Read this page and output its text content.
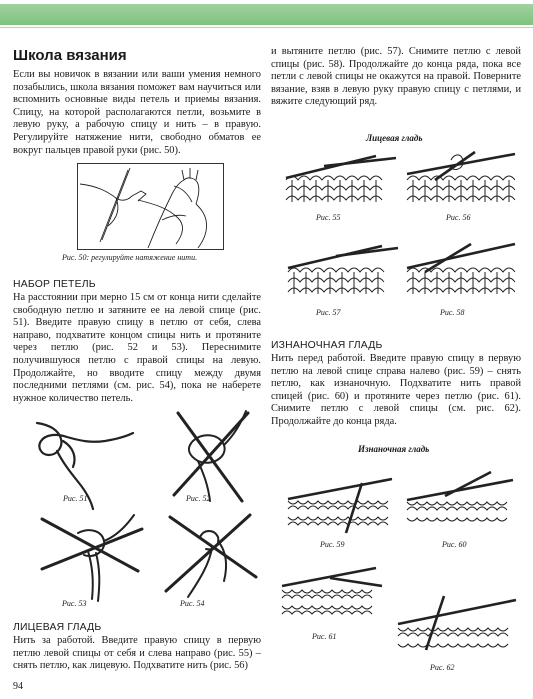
Школа вязания

Если вы новичок в вязании или ваши умения немного позабылись, школа вязания поможет вам научиться или вспомнить основные виды петель и приемы вязания. Спицу, на которой располагаются петли, возьмите в левую руку, а рабочую спицу и нить – в правую. Регулируйте натяжение нити, свободно обматов ее вокруг пальцев правой руки (рис. 50).

Рис. 50: регулируйте натяжение нити.
НАБОР ПЕТЕЛЬ

На расстоянии при мерно 15 см от конца нити сделайте свободную петлю и затяните ее на левой спице (рис. 51). Введите правую спицу в петлю от себя, слева направо, подхватите концом спицы нить и протяните через петлю (рис. 52 и 53). Переснимите получившуюся петлю с правой спицы на левую. Продолжайте, но вводите спицу между двумя последними петлями (см. рис. 54), пока не наберете нужное количество петель.

Рис. 51	Рис. 52
Рис. 53	Рис. 54
ЛИЦЕВАЯ ГЛАДЬ

Нить за работой. Введите правую спицу в первую петлю левой спицы от себя и слева направо (рис. 55) – снять петлю, как лицевую. Подхватите нить (рис. 56)

94

и вытяните петлю (рис. 57). Снимите петлю с левой спицы (рис. 58). Продолжайте до конца ряда, пока все петли с левой спицы не окажутся на правой. Поверните вязание, взяв в левую руку правую спицу с петлями, и вяжите следующий ряд.

Лицевая гладь
Рис. 55	Рис. 56
Рис. 57	Рис. 58
ИЗНАНОЧНАЯ ГЛАДЬ

Нить перед работой. Введите правую спицу в первую петлю на левой спице справа налево (рис. 59) – снять петлю, как изнаночную. Подхватите нить правой спицей (рис. 60) и протяните через петлю (рис. 61). Снимите петлю с левой спицы (см. рис. 62). Продолжайте до конца ряда.

Изнаночная гладь
Рис. 59	Рис. 60
Рис. 61
Рис. 62
